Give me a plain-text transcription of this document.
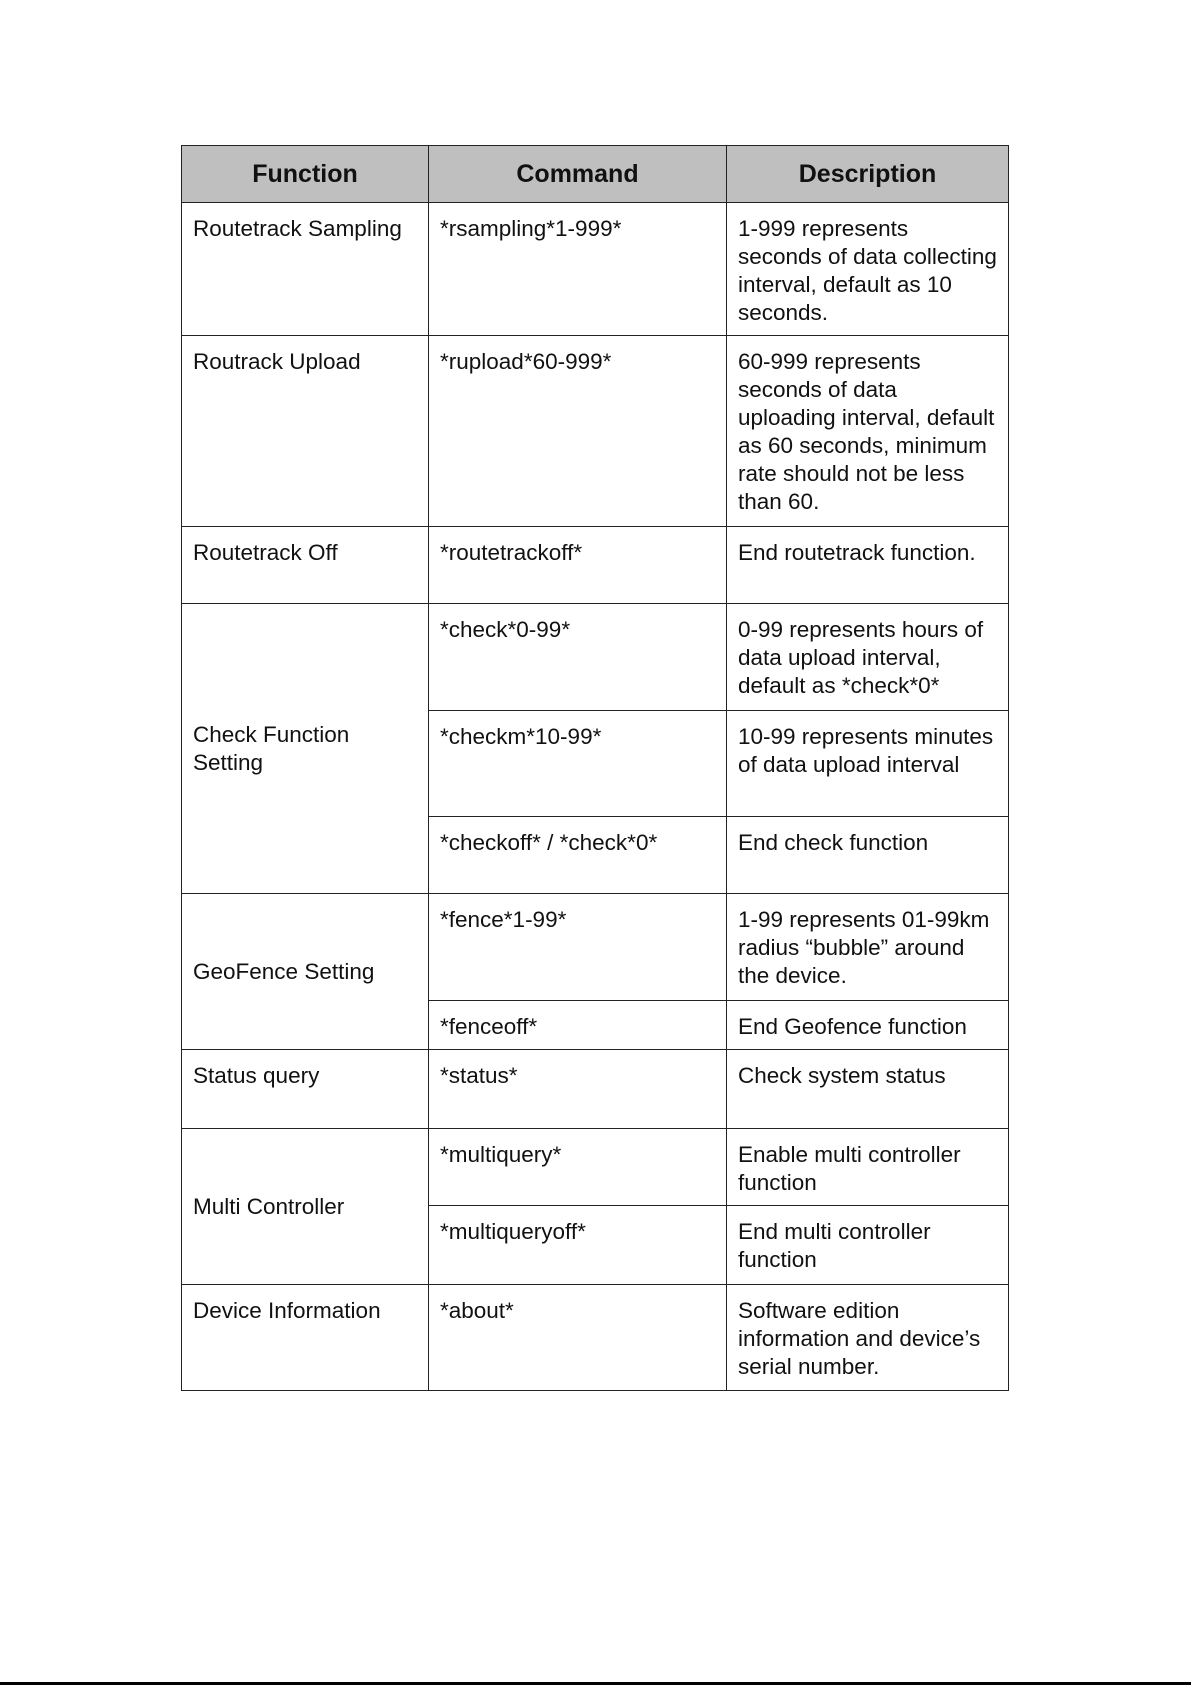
Function	Command	Description
Routetrack Sampling	*rsampling*1-999*	1-999 represents seconds of data collecting interval, default as 10 seconds.
Routrack Upload	*rupload*60-999*	60-999 represents seconds of data uploading interval, default as 60 seconds, minimum rate should not be less than 60.
Routetrack Off	*routetrackoff*	End routetrack function.
Check Function Setting	*check*0-99*	0-99 represents hours of data upload interval, default as *check*0*
	*checkm*10-99*	10-99 represents minutes of data upload interval
	*checkoff* / *check*0*	End check function
GeoFence Setting	*fence*1-99*	1-99 represents 01-99km radius “bubble” around the device.
	*fenceoff*	End Geofence function
Status query	*status*	Check system status
Multi Controller	*multiquery*	Enable multi controller function
	*multiqueryoff*	End multi controller function
Device Information	*about*	Software edition information and device’s serial number.
